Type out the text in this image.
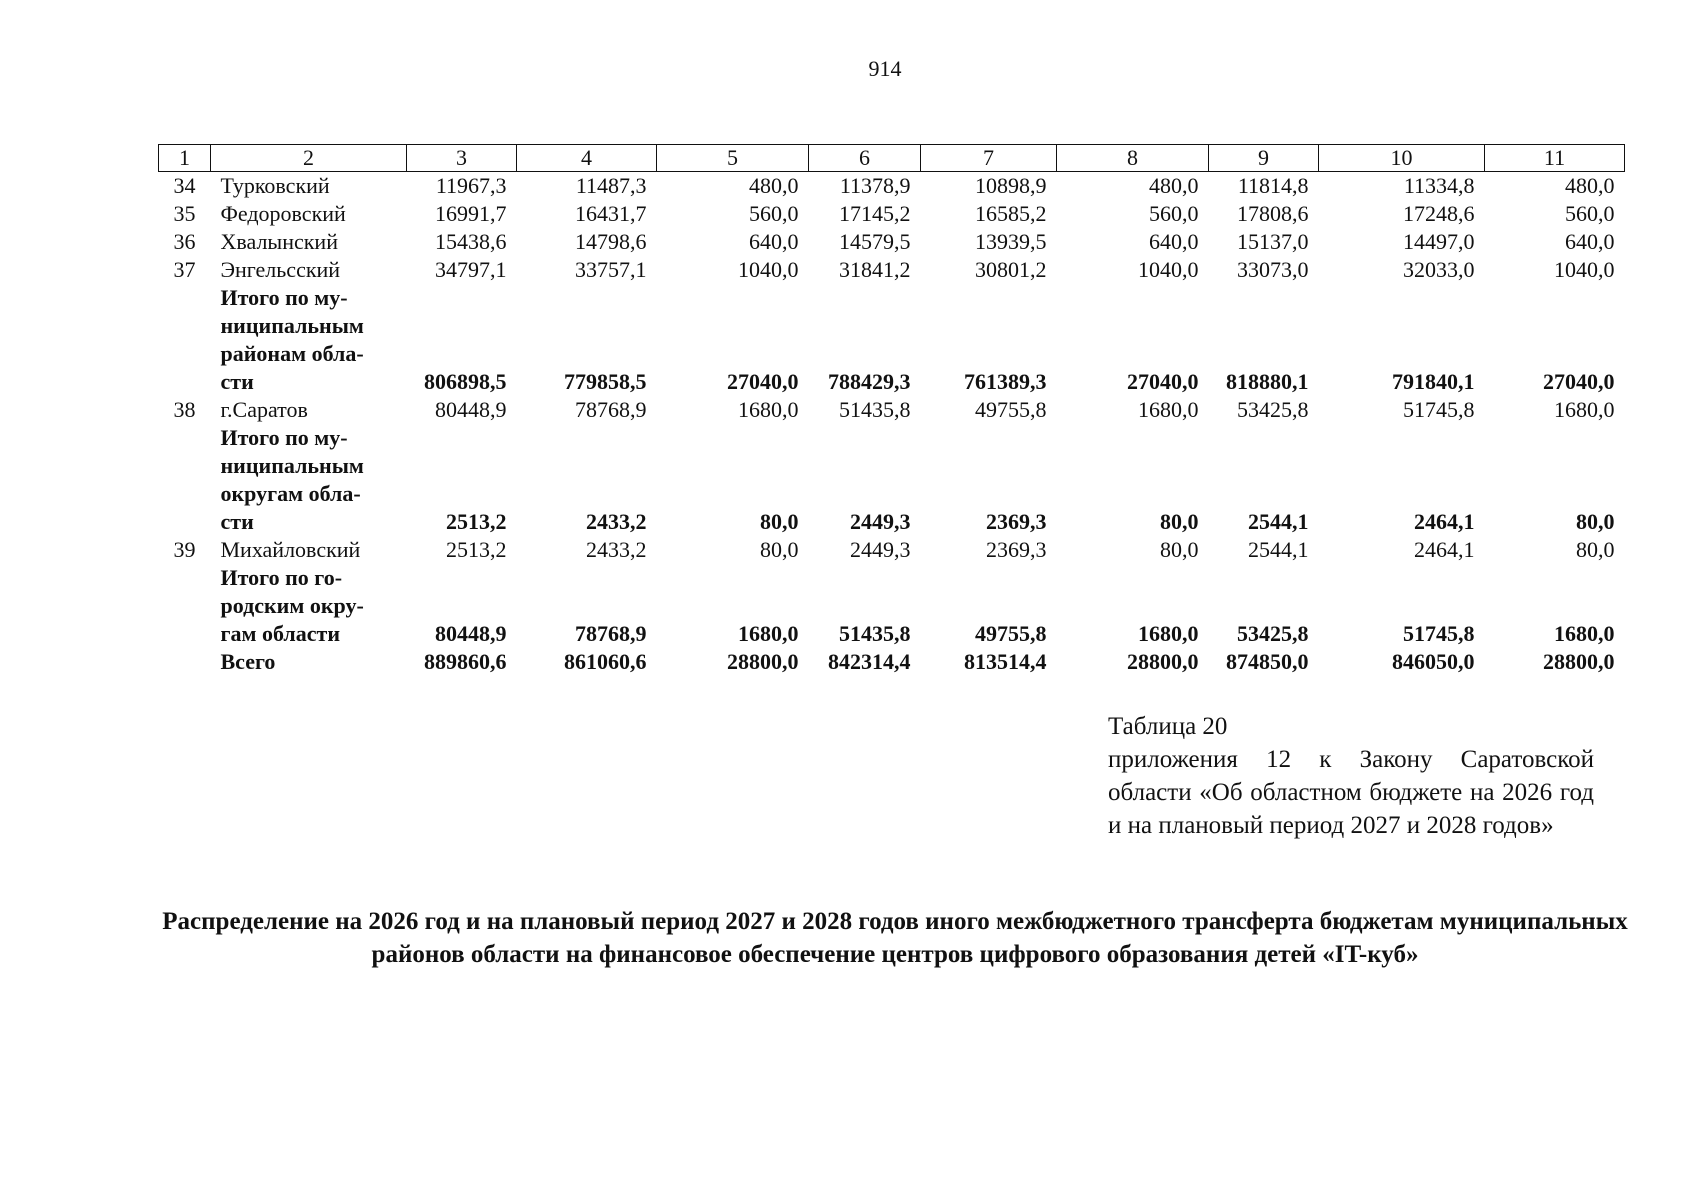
914
1	2	3	4	5	6	7	8	9	10	11
34	Турковский	11967,3	11487,3	480,0	11378,9	10898,9	480,0	11814,8	11334,8	480,0
35	Федоровский	16991,7	16431,7	560,0	17145,2	16585,2	560,0	17808,6	17248,6	560,0
36	Хвалынский	15438,6	14798,6	640,0	14579,5	13939,5	640,0	15137,0	14497,0	640,0
37	Энгельсский	34797,1	33757,1	1040,0	31841,2	30801,2	1040,0	33073,0	32033,0	1040,0
	Итого по му-
ниципальным
районам обла-
сти	806898,5	779858,5	27040,0	788429,3	761389,3	27040,0	818880,1	791840,1	27040,0
38	г.Саратов	80448,9	78768,9	1680,0	51435,8	49755,8	1680,0	53425,8	51745,8	1680,0
	Итого по му-
ниципальным
округам обла-
сти	2513,2	2433,2	80,0	2449,3	2369,3	80,0	2544,1	2464,1	80,0
39	Михайловский	2513,2	2433,2	80,0	2449,3	2369,3	80,0	2544,1	2464,1	80,0
	Итого по го-
родским окру-
гам области	80448,9	78768,9	1680,0	51435,8	49755,8	1680,0	53425,8	51745,8	1680,0
	Всего	889860,6	861060,6	28800,0	842314,4	813514,4	28800,0	874850,0	846050,0	28800,0
Таблица 20
приложения 12 к Закону Саратовской области «Об областном бюджете на 2026 год и на плановый период 2027 и 2028 годов»
Распределение на 2026 год и на плановый период 2027 и 2028 годов иного межбюджетного трансферта бюджетам муниципальных районов области на финансовое обеспечение центров цифрового образования детей «IT-куб»
